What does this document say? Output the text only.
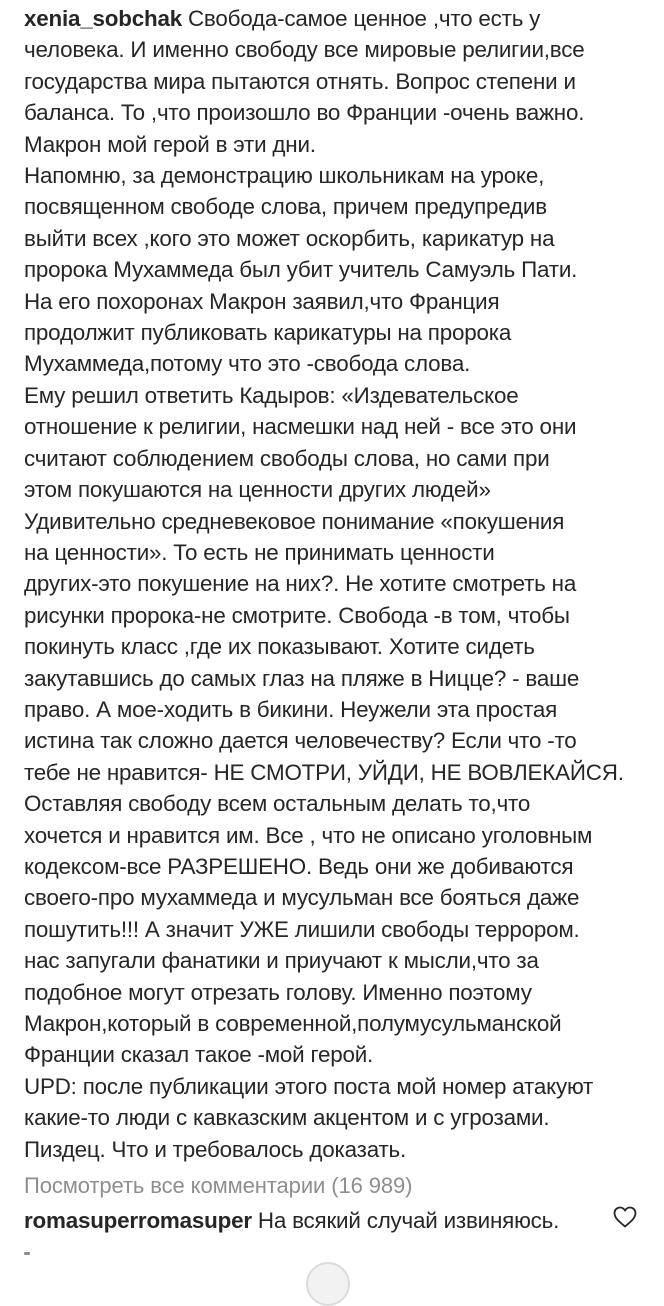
xenia_sobchak Свобода-самое ценное ,что есть у
человека. И именно свободу все мировые религии,все
государства мира пытаются отнять. Вопрос степени и
баланса. То ,что произошло во Франции -очень важно.
Макрон мой герой в эти дни.
Напомню, за демонстрацию школьникам на уроке,
посвященном свободе слова, причем предупредив
выйти всех ,кого это может оскорбить, карикатур на
пророка Мухаммеда был убит учитель Самуэль Пати.
На его похоронах Макрон заявил,что Франция
продолжит публиковать карикатуры на пророка
Мухаммеда,потому что это -свобода слова.
Ему решил ответить Кадыров: «Издевательское
отношение к религии, насмешки над ней - все это они
считают соблюдением свободы слова, но сами при
этом покушаются на ценности других людей»
Удивительно средневековое понимание «покушения
на ценности». То есть не принимать ценности
других-это покушение на них?. Не хотите смотреть на
рисунки пророка-не смотрите. Свобода -в том, чтобы
покинуть класс ,где их показывают. Хотите сидеть
закутавшись до самых глаз на пляже в Ницце? - ваше
право. А мое-ходить в бикини. Неужели эта простая
истина так сложно дается человечеству? Если что -то
тебе не нравится- НЕ СМОТРИ, УЙДИ, НЕ ВОВЛЕКАЙСЯ.
Оставляя свободу всем остальным делать то,что
хочется и нравится им. Все , что не описано уголовным
кодексом-все РАЗРЕШЕНО. Ведь они же добиваются
своего-про мухаммеда и мусульман все бояться даже
пошутить!!! А значит УЖЕ лишили свободы террором.
нас запугали фанатики и приучают к мысли,что за
подобное могут отрезать голову. Именно поэтому
Макрон,который в современной,полумусульманской
Франции сказал такое -мой герой.
UPD: после публикации этого поста мой номер атакуют
какие-то люди с кавказским акцентом и с угрозами.
Пиздец. Что и требовалось доказать.
Посмотреть все комментарии (16 989)
romasuperromasuper На всякий случай извиняюсь.
